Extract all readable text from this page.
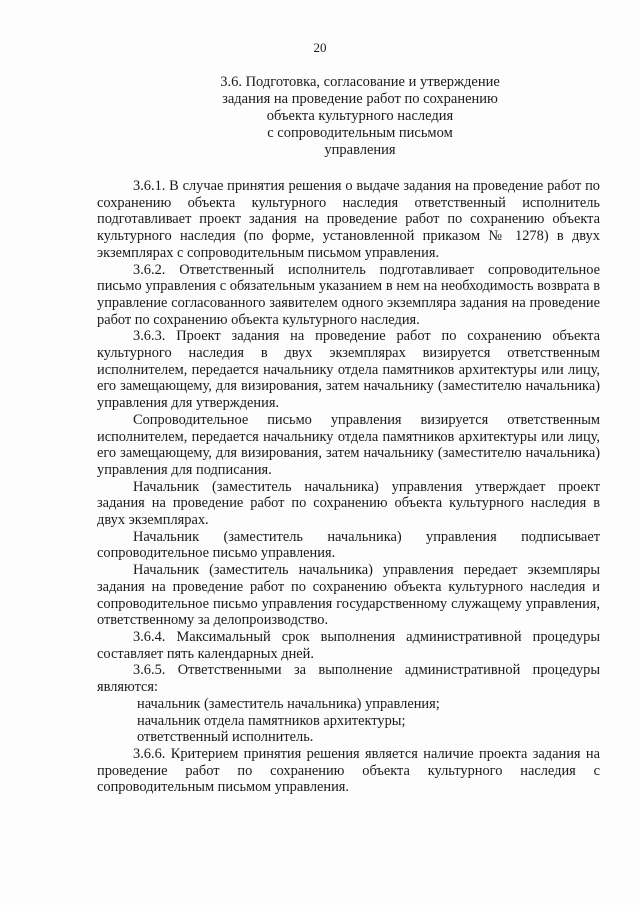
20
3.6. Подготовка, согласование и утверждение
задания на проведение работ по сохранению
объекта культурного наследия
с сопроводительным письмом
управления

3.6.1. В случае принятия решения о выдаче задания на проведение работ по сохранению объекта культурного наследия ответственный исполнитель подготавливает проект задания на проведение работ по сохранению объекта культурного наследия (по форме, установленной приказом № 1278) в двух экземплярах с сопроводительным письмом управления.

3.6.2. Ответственный исполнитель подготавливает сопроводительное письмо управления с обязательным указанием в нем на необходимость возврата в управление согласованного заявителем одного экземпляра задания на проведение работ по сохранению объекта культурного наследия.

3.6.3. Проект задания на проведение работ по сохранению объекта культурного наследия в двух экземплярах визируется ответственным исполнителем, передается начальнику отдела памятников архитектуры или лицу, его замещающему, для визирования, затем начальнику (заместителю начальника) управления для утверждения.

Сопроводительное письмо управления визируется ответственным исполнителем, передается начальнику отдела памятников архитектуры или лицу, его замещающему, для визирования, затем начальнику (заместителю начальника) управления для подписания.

Начальник (заместитель начальника) управления утверждает проект задания на проведение работ по сохранению объекта культурного наследия в двух экземплярах.

Начальник (заместитель начальника) управления подписывает сопроводительное письмо управления.

Начальник (заместитель начальника) управления передает экземпляры задания на проведение работ по сохранению объекта культурного наследия и сопроводительное письмо управления государственному служащему управления, ответственному за делопроизводство.

3.6.4. Максимальный срок выполнения административной процедуры составляет пять календарных дней.

3.6.5. Ответственными за выполнение административной процедуры являются:

начальник (заместитель начальника) управления;

начальник отдела памятников архитектуры;

ответственный исполнитель.

3.6.6. Критерием принятия решения является наличие проекта задания на проведение работ по сохранению объекта культурного наследия с сопроводительным письмом управления.
